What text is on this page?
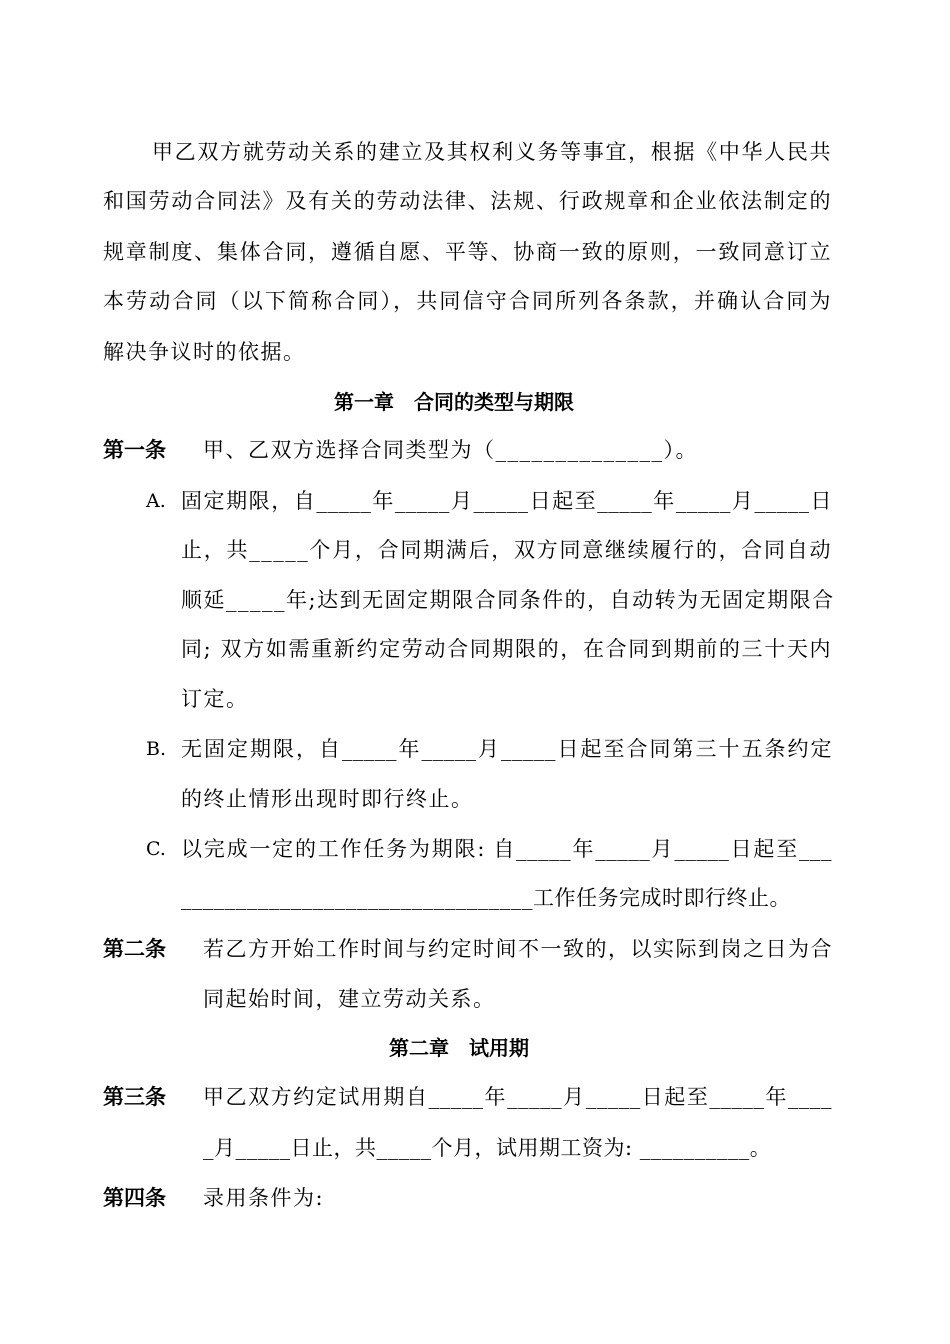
甲乙双方就劳动关系的建立及其权利义务等事宜，根据《中华人民共
和国劳动合同法》及有关的劳动法律、法规、行政规章和企业依法制定的
规章制度、集体合同，遵循自愿、平等、协商一致的原则，一致同意订立
本劳动合同（以下简称合同），共同信守合同所列各条款，并确认合同为
解决争议时的依据。
第一章　合同的类型与期限
第一条 甲、乙双方选择合同类型为（______________）。
A. 固定期限，自_____年_____月_____日起至_____年_____月_____日
止，共_____个月，合同期满后，双方同意继续履行的，合同自动
顺延_____年;达到无固定期限合同条件的，自动转为无固定期限合
同; 双方如需重新约定劳动合同期限的，在合同到期前的三十天内
订定。
B. 无固定期限，自_____年_____月_____日起至合同第三十五条约定
的终止情形出现时即行终止。
C. 以完成一定的工作任务为期限: 自_____年_____月_____日起至___
________________________________工作任务完成时即行终止。
第二条 若乙方开始工作时间与约定时间不一致的，以实际到岗之日为合
同起始时间，建立劳动关系。
第二章　试用期
第三条 甲乙双方约定试用期自_____年_____月_____日起至_____年____
_月_____日止，共_____个月，试用期工资为: __________。
第四条 录用条件为:
